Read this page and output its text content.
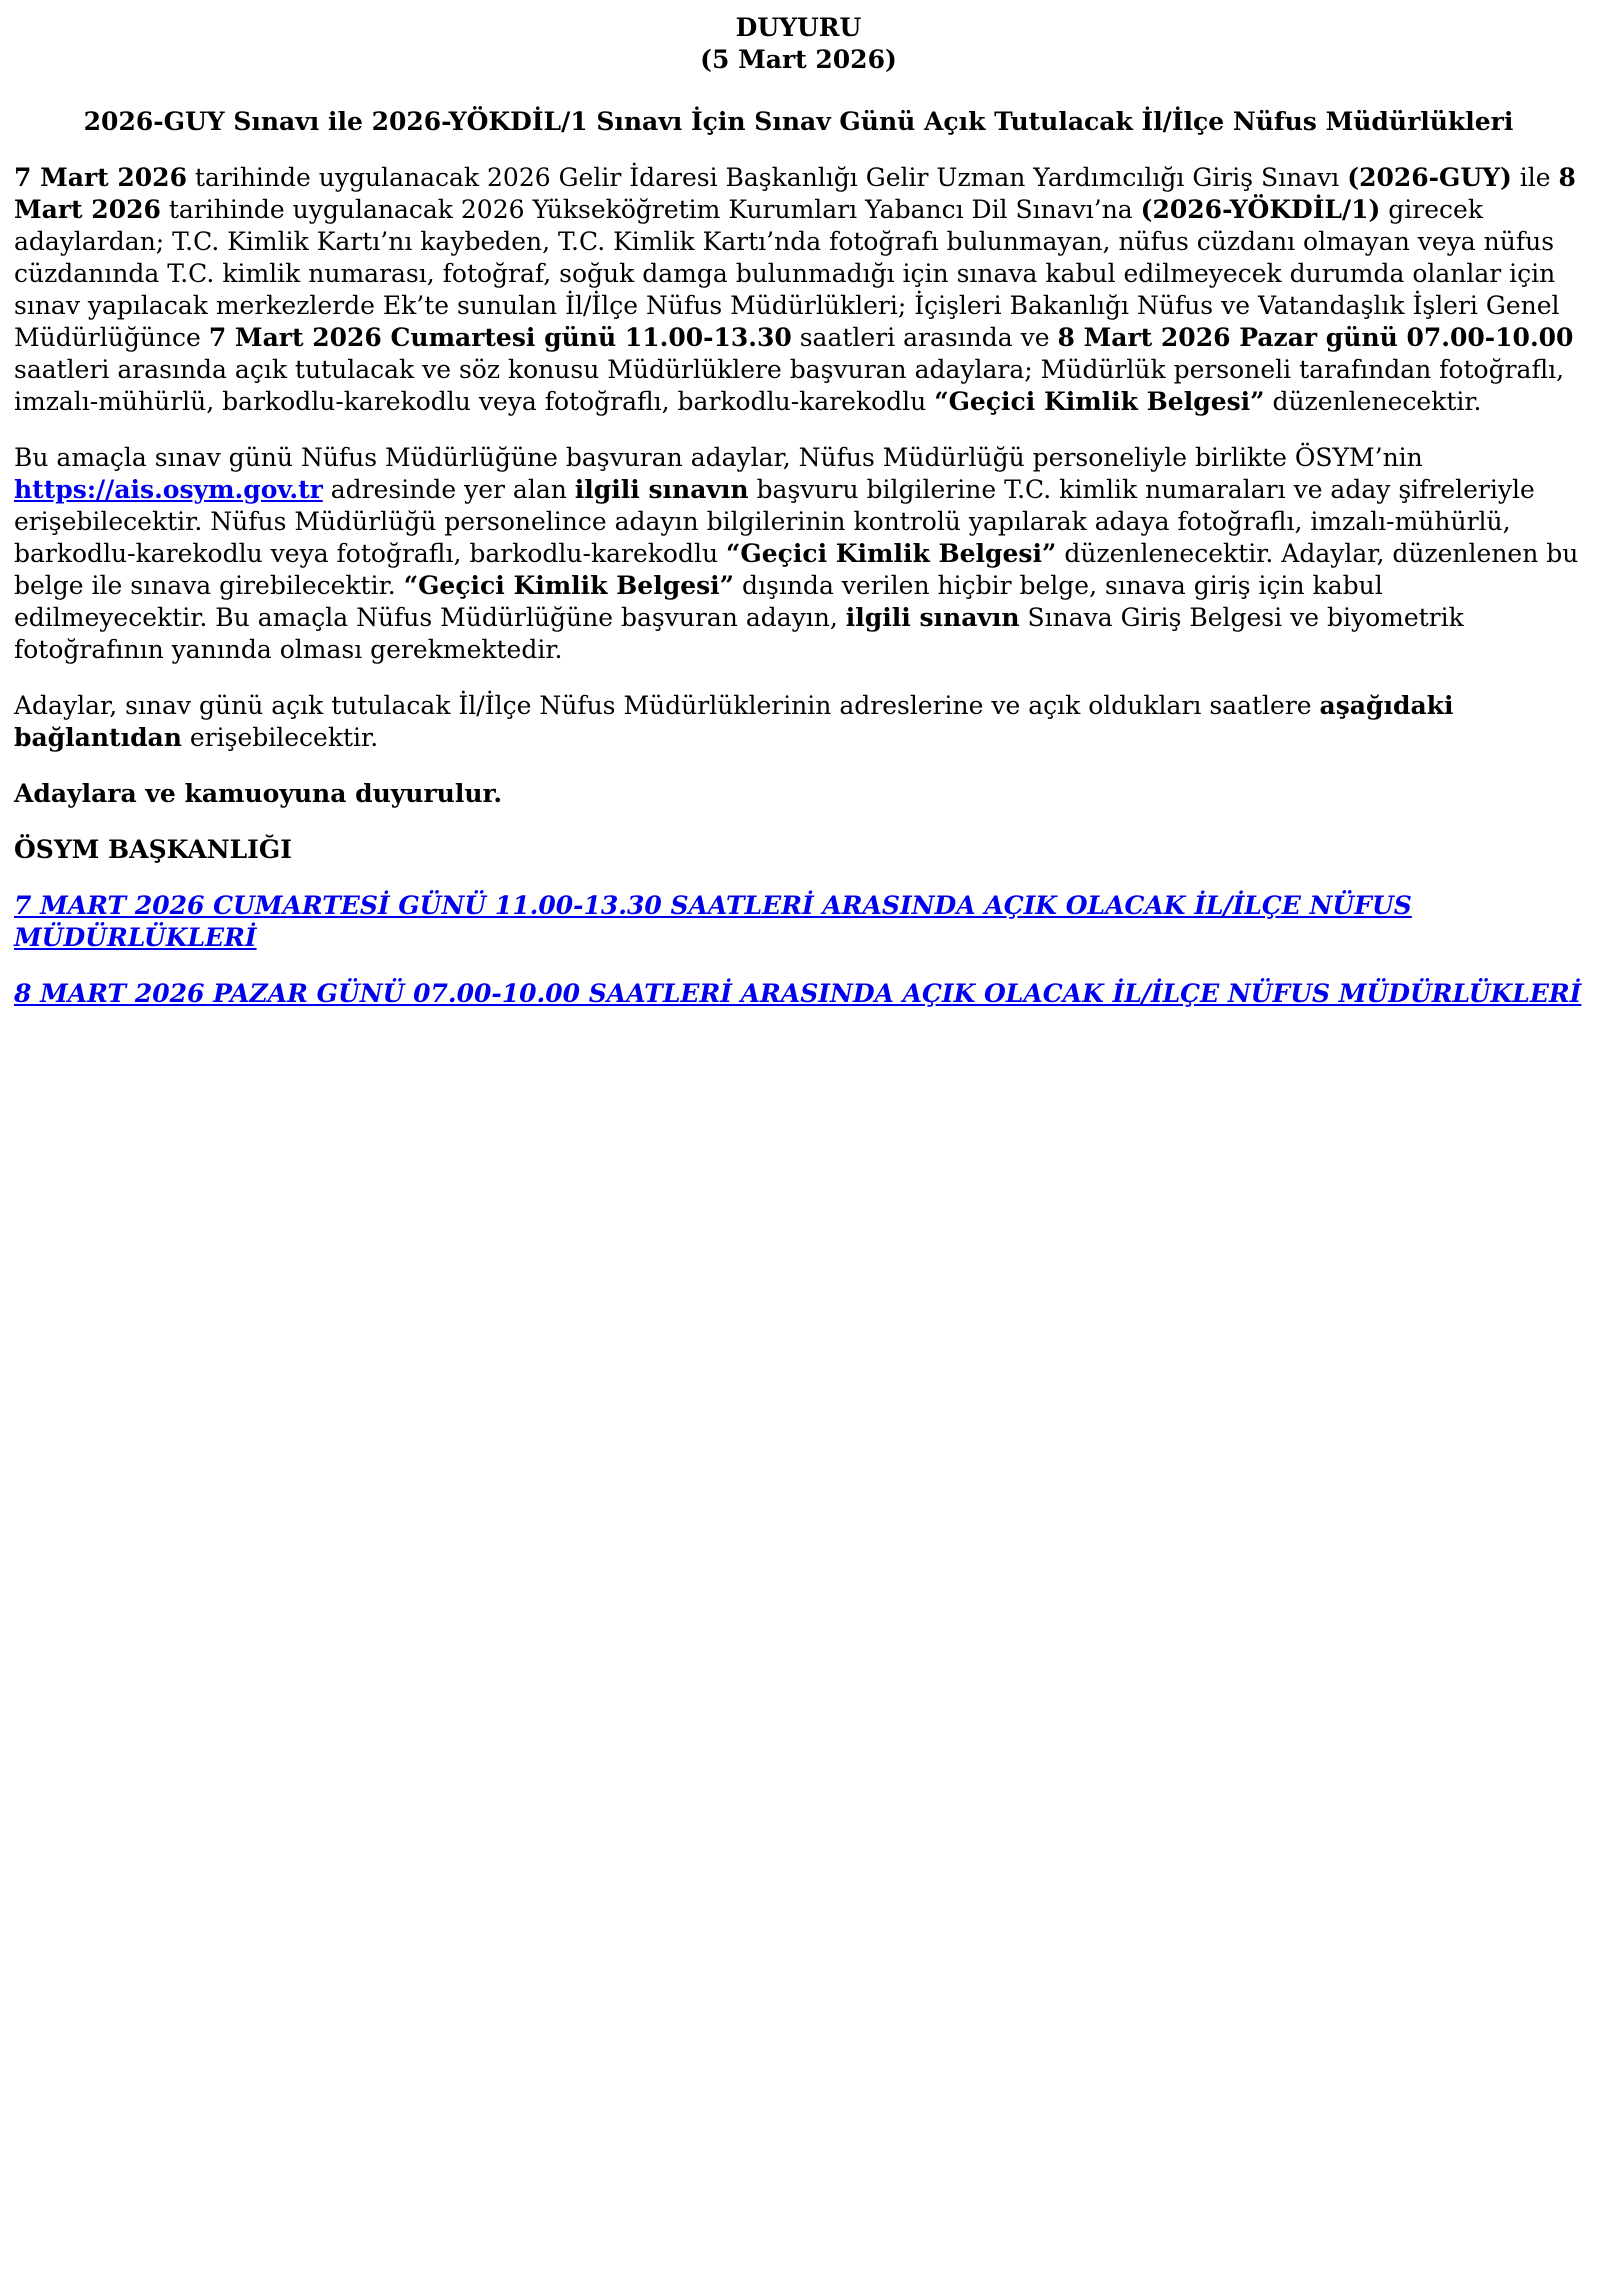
DUYURU

(5 Mart 2026)

2026-GUY Sınavı ile 2026-YÖKDİL/1 Sınavı İçin Sınav Günü Açık Tutulacak İl/İlçe Nüfus Müdürlükleri

7 Mart 2026 tarihinde uygulanacak 2026 Gelir İdaresi Başkanlığı Gelir Uzman Yardımcılığı Giriş Sınavı (2026-GUY) ile 8 Mart 2026 tarihinde uygulanacak 2026 Yükseköğretim Kurumları Yabancı Dil Sınavı’na (2026-YÖKDİL/1) girecek adaylardan; T.C. Kimlik Kartı’nı kaybeden, T.C. Kimlik Kartı’nda fotoğrafı bulunmayan, nüfus cüzdanı olmayan veya nüfus cüzdanında T.C. kimlik numarası, fotoğraf, soğuk damga bulunmadığı için sınava kabul edilmeyecek durumda olanlar için sınav yapılacak merkezlerde Ek’te sunulan İl/İlçe Nüfus Müdürlükleri; İçişleri Bakanlığı Nüfus ve Vatandaşlık İşleri Genel Müdürlüğünce 7 Mart 2026 Cumartesi günü 11.00-13.30 saatleri arasında ve 8 Mart 2026 Pazar günü 07.00-10.00 saatleri arasında açık tutulacak ve söz konusu Müdürlüklere başvuran adaylara; Müdürlük personeli tarafından fotoğraflı, imzalı-mühürlü, barkodlu-karekodlu veya fotoğraflı, barkodlu-karekodlu “Geçici Kimlik Belgesi” düzenlenecektir.

Bu amaçla sınav günü Nüfus Müdürlüğüne başvuran adaylar, Nüfus Müdürlüğü personeliyle birlikte ÖSYM’nin https://ais.osym.gov.tr adresinde yer alan ilgili sınavın başvuru bilgilerine T.C. kimlik numaraları ve aday şifreleriyle erişebilecektir. Nüfus Müdürlüğü personelince adayın bilgilerinin kontrolü yapılarak adaya fotoğraflı, imzalı-mühürlü, barkodlu-karekodlu veya fotoğraflı, barkodlu-karekodlu “Geçici Kimlik Belgesi” düzenlenecektir. Adaylar, düzenlenen bu belge ile sınava girebilecektir. “Geçici Kimlik Belgesi” dışında verilen hiçbir belge, sınava giriş için kabul edilmeyecektir. Bu amaçla Nüfus Müdürlüğüne başvuran adayın, ilgili sınavın Sınava Giriş Belgesi ve biyometrik fotoğrafının yanında olması gerekmektedir.

Adaylar, sınav günü açık tutulacak İl/İlçe Nüfus Müdürlüklerinin adreslerine ve açık oldukları saatlere aşağıdaki bağlantıdan erişebilecektir.

Adaylara ve kamuoyuna duyurulur.

ÖSYM BAŞKANLIĞI

7 MART 2026 CUMARTESİ GÜNÜ 11.00-13.30 SAATLERİ ARASINDA AÇIK OLACAK İL/İLÇE NÜFUS MÜDÜRLÜKLERİ

8 MART 2026 PAZAR GÜNÜ 07.00-10.00 SAATLERİ ARASINDA AÇIK OLACAK İL/İLÇE NÜFUS MÜDÜRLÜKLERİ
